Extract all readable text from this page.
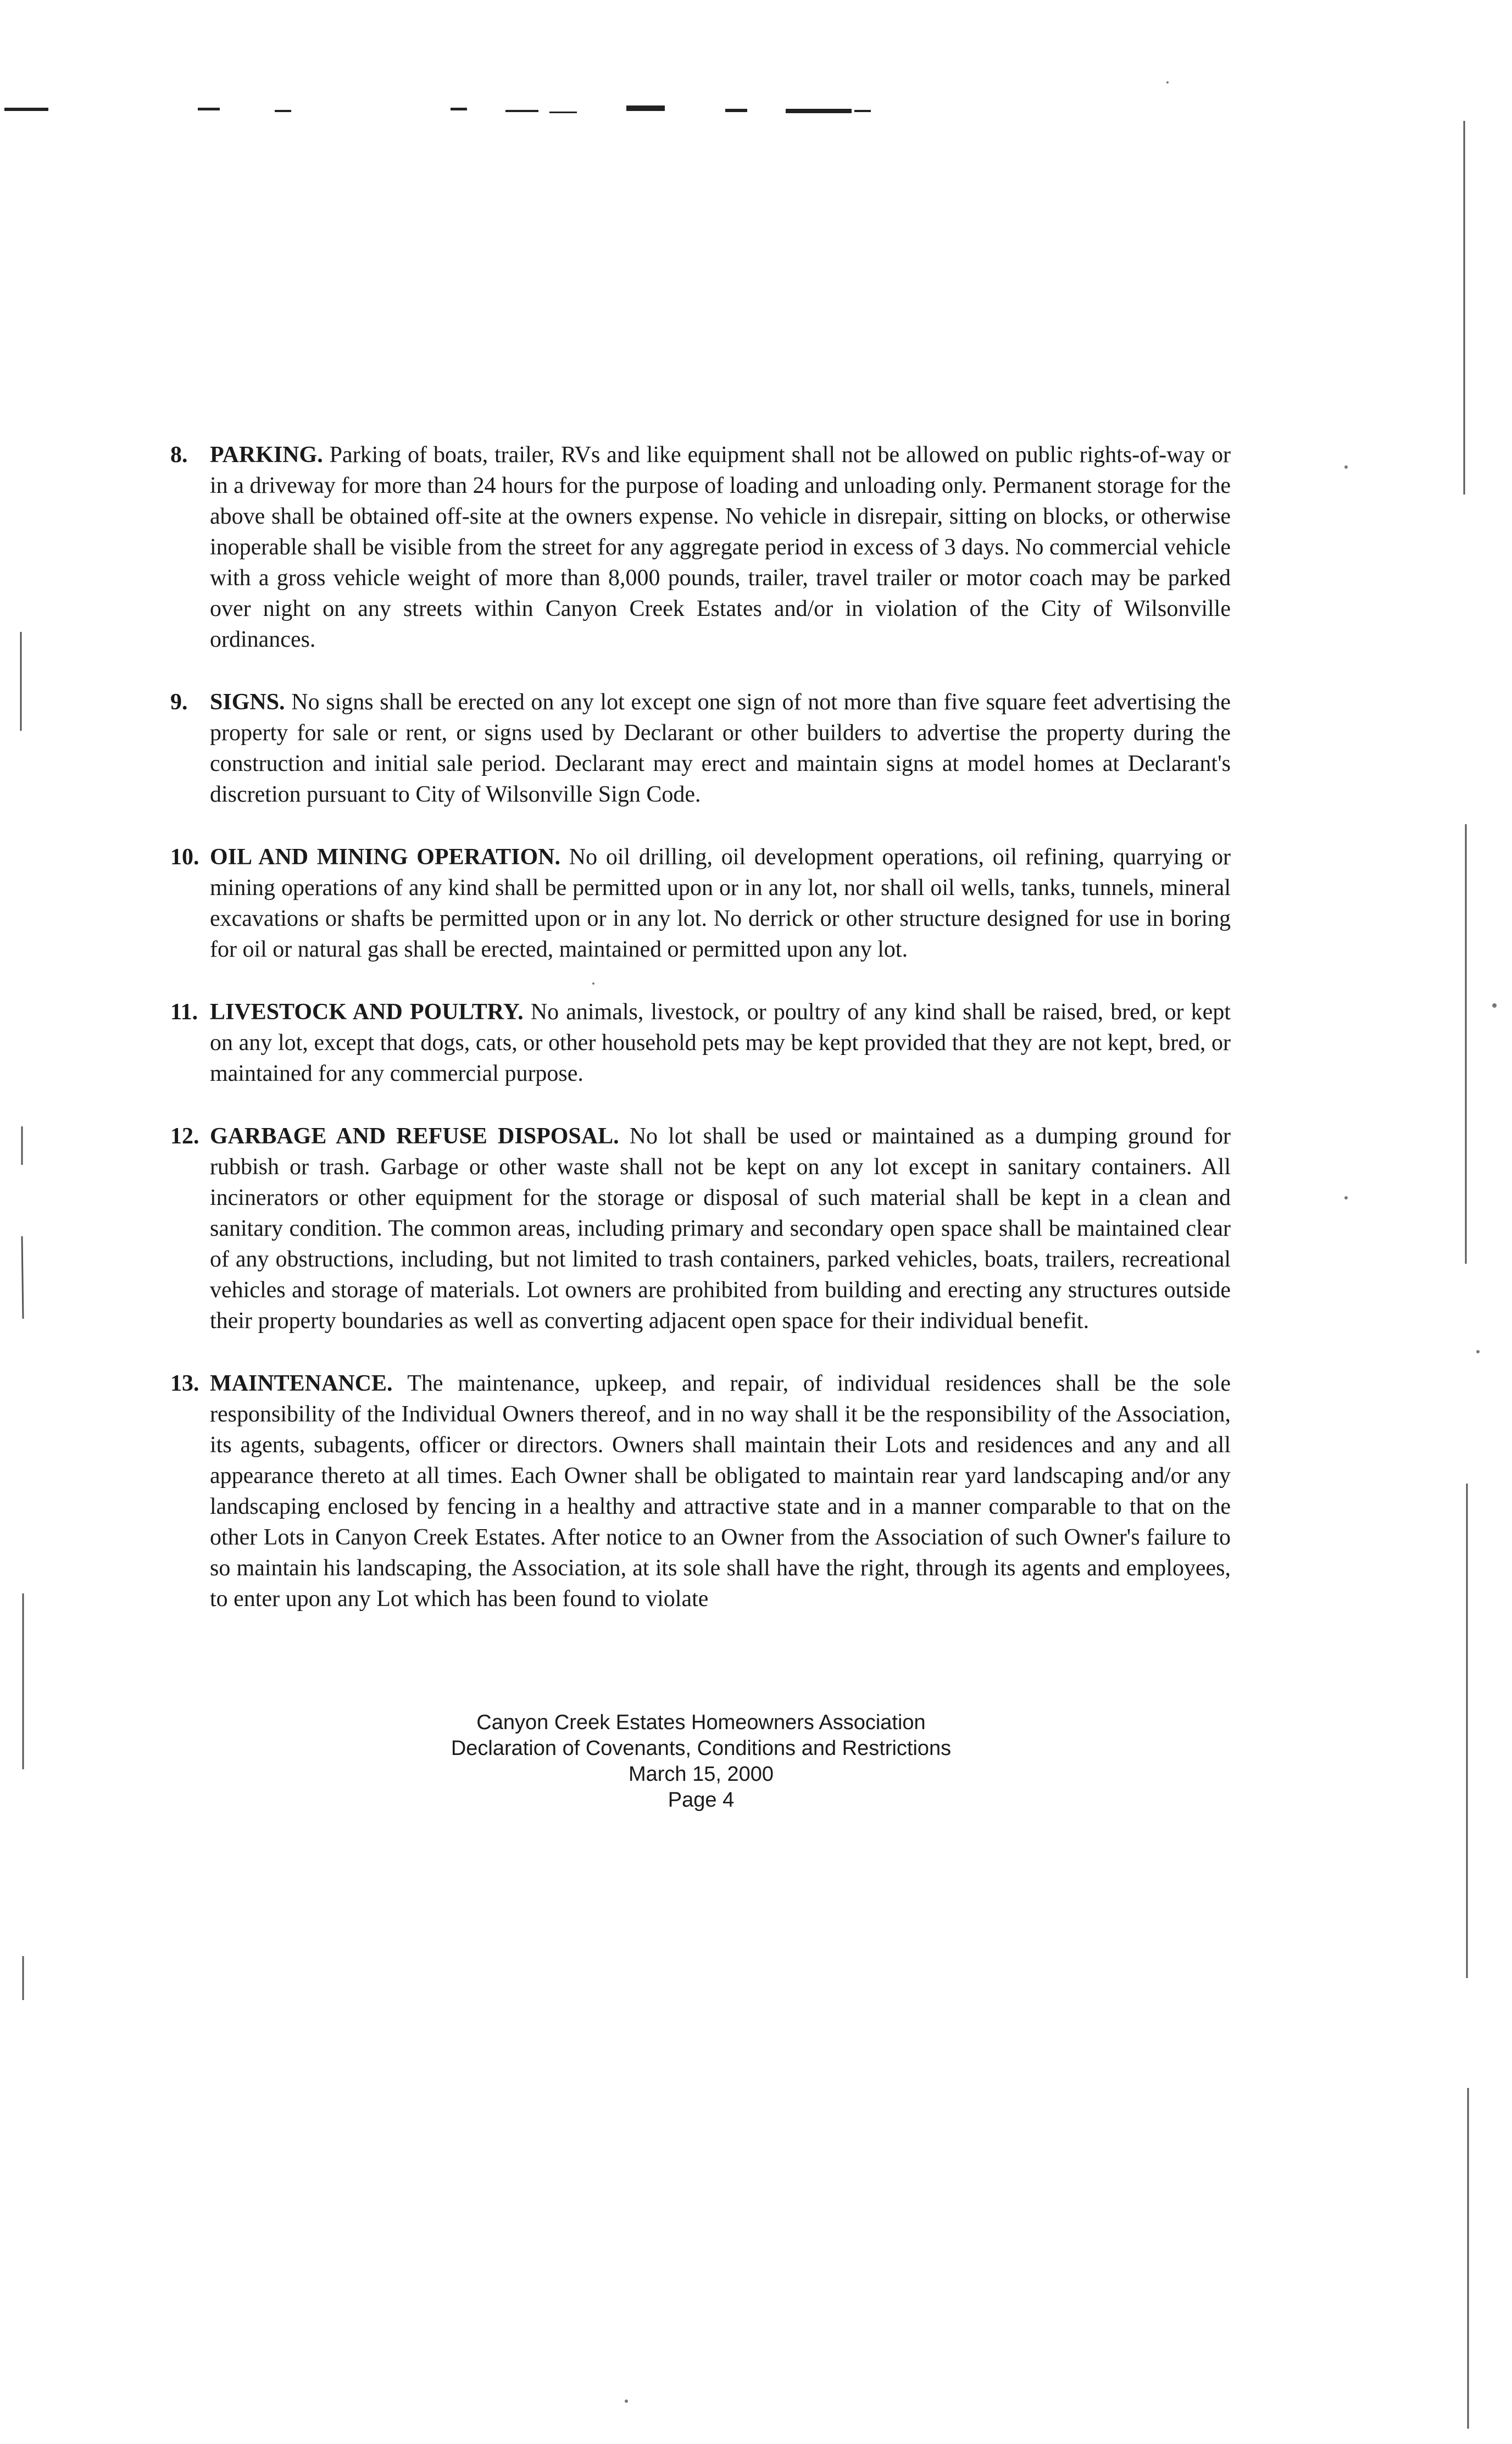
8. PARKING. Parking of boats, trailer, RVs and like equipment shall not be allowed on public rights-of-way or in a driveway for more than 24 hours for the purpose of loading and unloading only. Permanent storage for the above shall be obtained off-site at the owners expense. No vehicle in disrepair, sitting on blocks, or otherwise inoperable shall be visible from the street for any aggregate period in excess of 3 days. No commercial vehicle with a gross vehicle weight of more than 8,000 pounds, trailer, travel trailer or motor coach may be parked over night on any streets within Canyon Creek Estates and/or in violation of the City of Wilsonville ordinances.
9. SIGNS. No signs shall be erected on any lot except one sign of not more than five square feet advertising the property for sale or rent, or signs used by Declarant or other builders to advertise the property during the construction and initial sale period. Declarant may erect and maintain signs at model homes at Declarant's discretion pursuant to City of Wilsonville Sign Code.
10. OIL AND MINING OPERATION. No oil drilling, oil development operations, oil refining, quarrying or mining operations of any kind shall be permitted upon or in any lot, nor shall oil wells, tanks, tunnels, mineral excavations or shafts be permitted upon or in any lot. No derrick or other structure designed for use in boring for oil or natural gas shall be erected, maintained or permitted upon any lot.
11. LIVESTOCK AND POULTRY. No animals, livestock, or poultry of any kind shall be raised, bred, or kept on any lot, except that dogs, cats, or other household pets may be kept provided that they are not kept, bred, or maintained for any commercial purpose.
12. GARBAGE AND REFUSE DISPOSAL. No lot shall be used or maintained as a dumping ground for rubbish or trash. Garbage or other waste shall not be kept on any lot except in sanitary containers. All incinerators or other equipment for the storage or disposal of such material shall be kept in a clean and sanitary condition. The common areas, including primary and secondary open space shall be maintained clear of any obstructions, including, but not limited to trash containers, parked vehicles, boats, trailers, recreational vehicles and storage of materials. Lot owners are prohibited from building and erecting any structures outside their property boundaries as well as converting adjacent open space for their individual benefit.
13. MAINTENANCE. The maintenance, upkeep, and repair, of individual residences shall be the sole responsibility of the Individual Owners thereof, and in no way shall it be the responsibility of the Association, its agents, subagents, officer or directors. Owners shall maintain their Lots and residences and any and all appearance thereto at all times. Each Owner shall be obligated to maintain rear yard landscaping and/or any landscaping enclosed by fencing in a healthy and attractive state and in a manner comparable to that on the other Lots in Canyon Creek Estates. After notice to an Owner from the Association of such Owner's failure to so maintain his landscaping, the Association, at its sole shall have the right, through its agents and employees, to enter upon any Lot which has been found to violate
Canyon Creek Estates Homeowners Association
Declaration of Covenants, Conditions and Restrictions
March 15, 2000
Page 4
